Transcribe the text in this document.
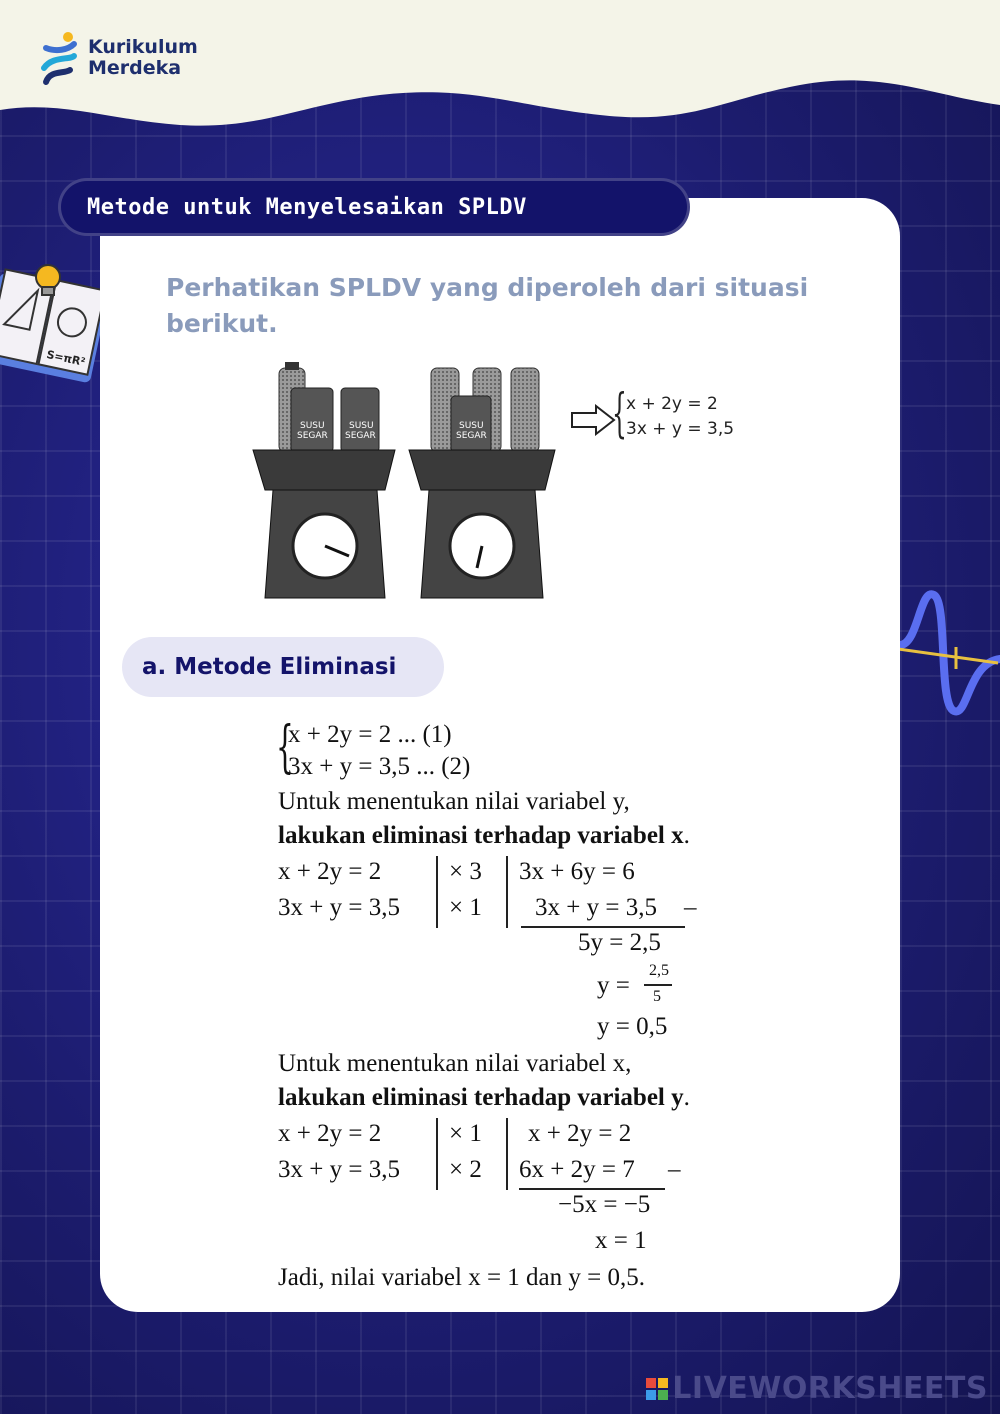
Kurikulum
Merdeka
S=πR²
Metode untuk Menyelesaikan SPLDV
Perhatikan SPLDV yang diperoleh dari situasi berikut.
SUSU
SEGAR
SUSU
SEGAR
SUSU
SEGAR { x + 2y = 2
3x + y = 3,5
a. Metode Eliminasi
{
x + 2y = 2 ... (1)
3x + y = 3,5 ... (2)
Untuk menentukan nilai variabel y,
lakukan eliminasi terhadap variabel x.
x + 2y = 2
3x + y = 3,5
× 3
× 1
3x + 6y = 6
3x + y = 3,5 –
5y = 2,5
y =
2,5
5
y = 0,5
Untuk menentukan nilai variabel x,
lakukan eliminasi terhadap variabel y.
x + 2y = 2
3x + y = 3,5
× 1
× 2
x + 2y = 2
6x + 2y = 7 –
−5x = −5
x = 1
Jadi, nilai variabel x = 1 dan y = 0,5.
LIVEWORKSHEETS
